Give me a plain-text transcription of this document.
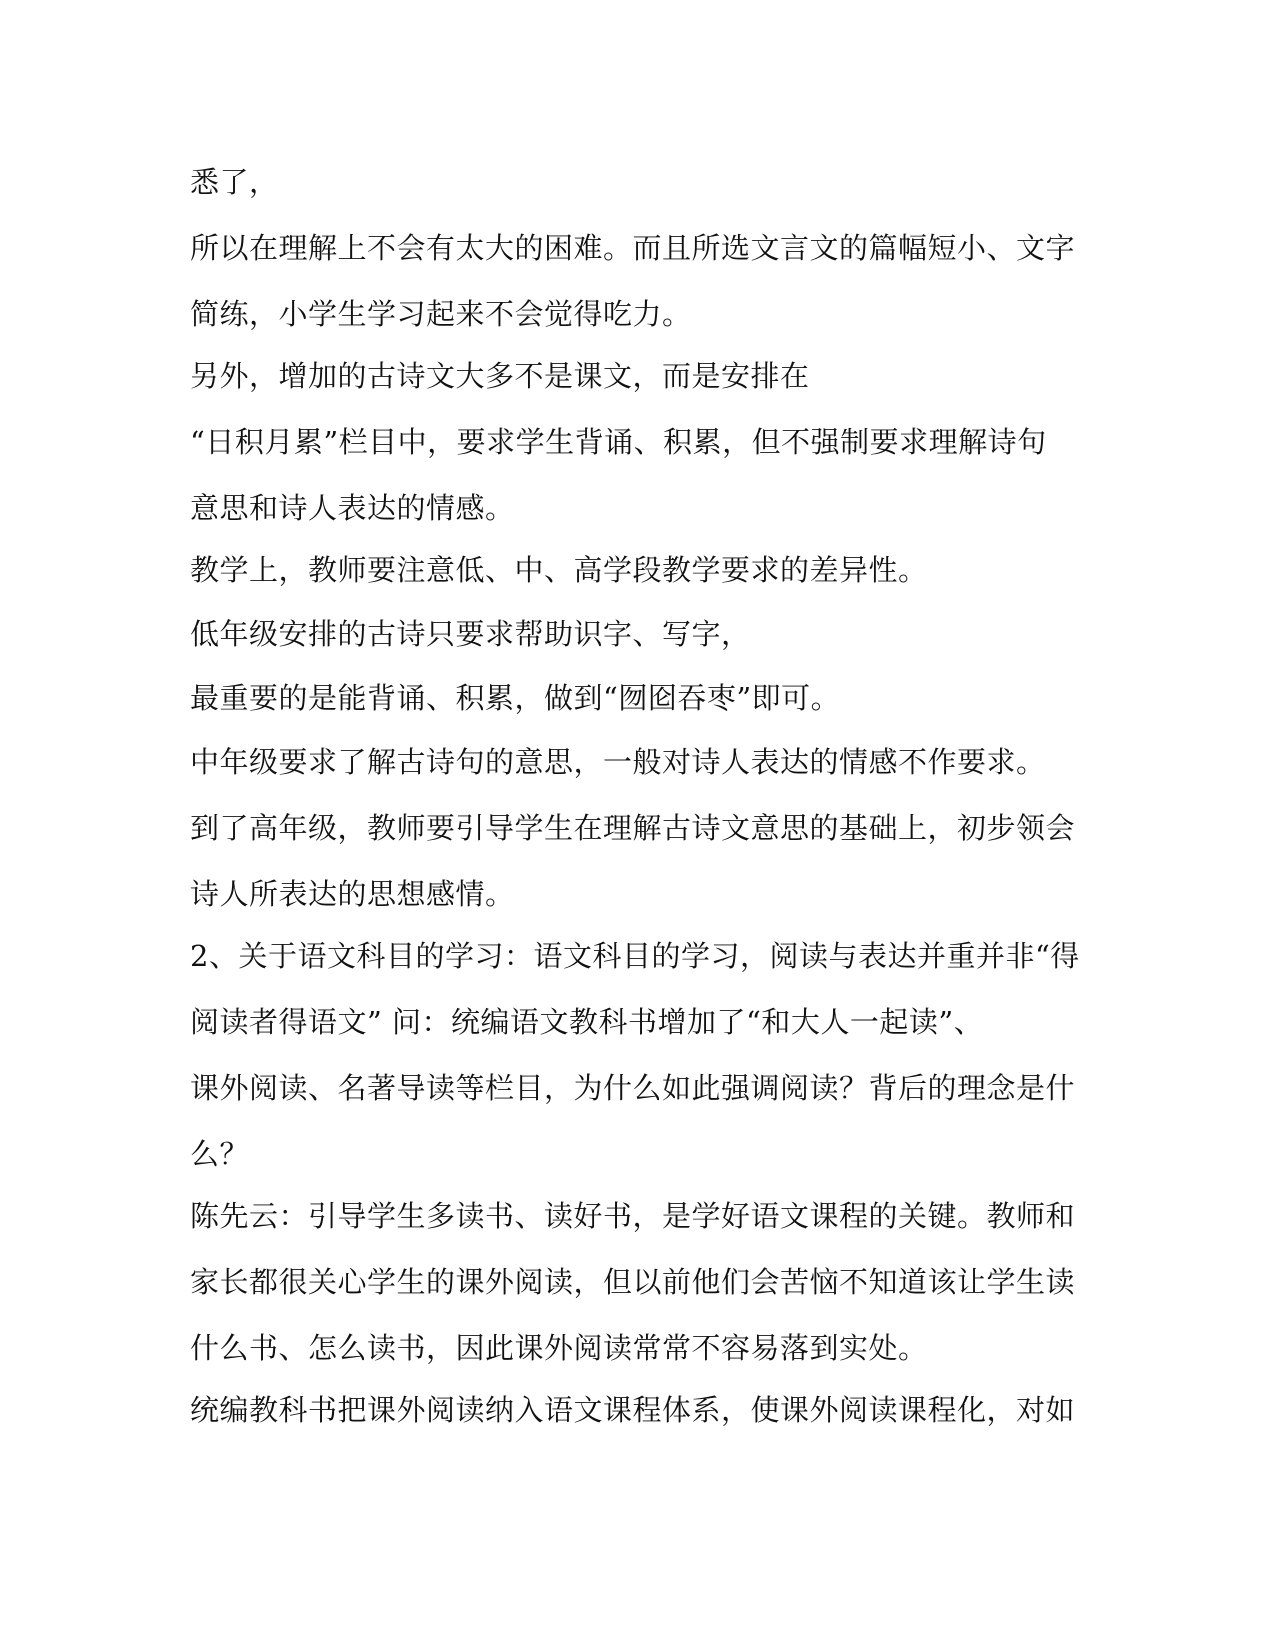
悉了，
所以在理解上不会有太大的困难。而且所选文言文的篇幅短小、文字
简练，小学生学习起来不会觉得吃力。
另外，增加的古诗文大多不是课文，而是安排在
“日积月累”栏目中，要求学生背诵、积累，但不强制要求理解诗句
意思和诗人表达的情感。
教学上，教师要注意低、中、高学段教学要求的差异性。
低年级安排的古诗只要求帮助识字、写字，
最重要的是能背诵、积累，做到“囫囵吞枣”即可。
中年级要求了解古诗句的意思，一般对诗人表达的情感不作要求。
到了高年级，教师要引导学生在理解古诗文意思的基础上，初步领会
诗人所表达的思想感情。
2、关于语文科目的学习：语文科目的学习，阅读与表达并重并非“得
阅读者得语文” 问：统编语文教科书增加了“和大人一起读”、
课外阅读、名著导读等栏目，为什么如此强调阅读？背后的理念是什
么？
陈先云：引导学生多读书、读好书，是学好语文课程的关键。教师和
家长都很关心学生的课外阅读，但以前他们会苦恼不知道该让学生读
什么书、怎么读书，因此课外阅读常常不容易落到实处。
统编教科书把课外阅读纳入语文课程体系，使课外阅读课程化，对如
